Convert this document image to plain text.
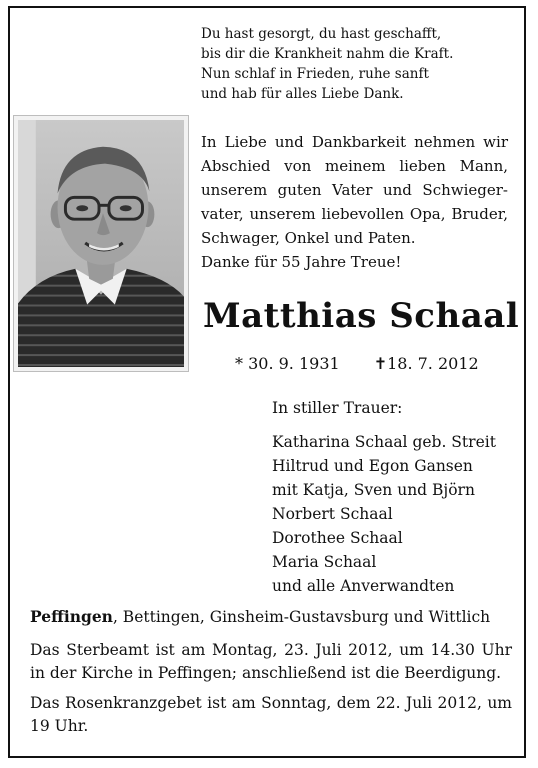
Du hast gesorgt, du hast geschafft,
bis dir die Krankheit nahm die Kraft.
Nun schlaf in Frieden, ruhe sanft
und hab für alles Liebe Dank.
In Liebe und Dankbarkeit nehmen wir Abschied von meinem lieben Mann, unserem guten Vater und Schwieger-vater, unserem liebevollen Opa, Bruder, Schwager, Onkel und Paten.
Danke für 55 Jahre Treue!
Matthias Schaal
* 30. 9. 1931 ✝18. 7. 2012
In stiller Trauer:
Katharina Schaal geb. Streit
Hiltrud und Egon Gansen
mit Katja, Sven und Björn
Norbert Schaal
Dorothee Schaal
Maria Schaal
und alle Anverwandten
Peffingen, Bettingen, Ginsheim-Gustavsburg und Wittlich
Das Sterbeamt ist am Montag, 23. Juli 2012, um 14.30 Uhr in der Kirche in Peffingen; anschließend ist die Beerdigung.
Das Rosenkranzgebet ist am Sonntag, dem 22. Juli 2012, um 19 Uhr.
